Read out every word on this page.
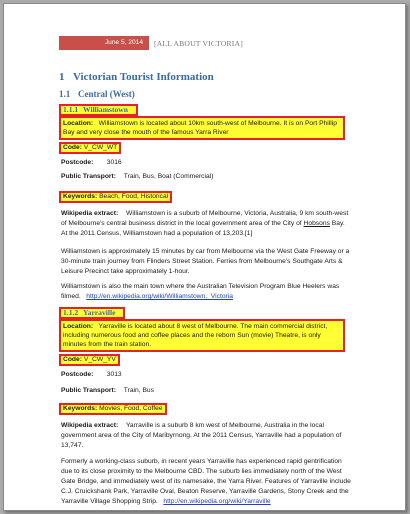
June 5, 2014	[ALL ABOUT VICTORIA]
1 Victorian Tourist Information
1.1 Central (West)
1.1.1 Williamstown
Location: Williamstown is located about 10km south-west of Melbourne. It is on Port Phillip Bay and very close the mouth of the famous Yarra River
Code: V_CW_WT
Postcode: 3016
Public Transport: Train, Bus, Boat (Commercial)
Keywords: Beach, Food, Historical
Wikipedia extract: Williamstown is a suburb of Melbourne, Victoria, Australia, 9 km south-west of Melbourne's central business district in the local government area of the City of Hobsons Bay. At the 2011 Census, Williamstown had a population of 13,203.[1]
Williamstown is approximately 15 minutes by car from Melbourne via the West Gate Freeway or a 30-minute train journey from Flinders Street Station. Ferries from Melbourne's Southgate Arts & Leisure Precinct take approximately 1-hour.
Williamstown is also the main town where the Australian Television Program Blue Heelers was filmed. http://en.wikipedia.org/wiki/Williamstown,_Victoria
1.1.2 Yarraville
Location: Yarraville is located about 8 west of Melbourne. The main commercial district, including numerous food and coffee places and the reborn Sun (movie) Theatre, is only minutes from the train station.
Code: V_CW_YV
Postcode: 3013
Public Transport: Train, Bus
Keywords: Movies, Food, Coffee
Wikipedia extract: Yarraville is a suburb 8 km west of Melbourne, Australia in the local government area of the City of Maribyrnong. At the 2011 Census, Yarraville had a population of 13,747.
Formerly a working-class suburb, in recent years Yarraville has experienced rapid gentrification due to its close proximity to the Melbourne CBD. The suburb lies immediately north of the West Gate Bridge, and immediately west of its namesake, the Yarra River. Features of Yarraville include C.J. Cruickshank Park, Yarraville Oval, Beaton Reserve, Yarraville Gardens, Stony Creek and the Yarraville Village Shopping Strip. http://en.wikipedia.org/wiki/Yarraville
